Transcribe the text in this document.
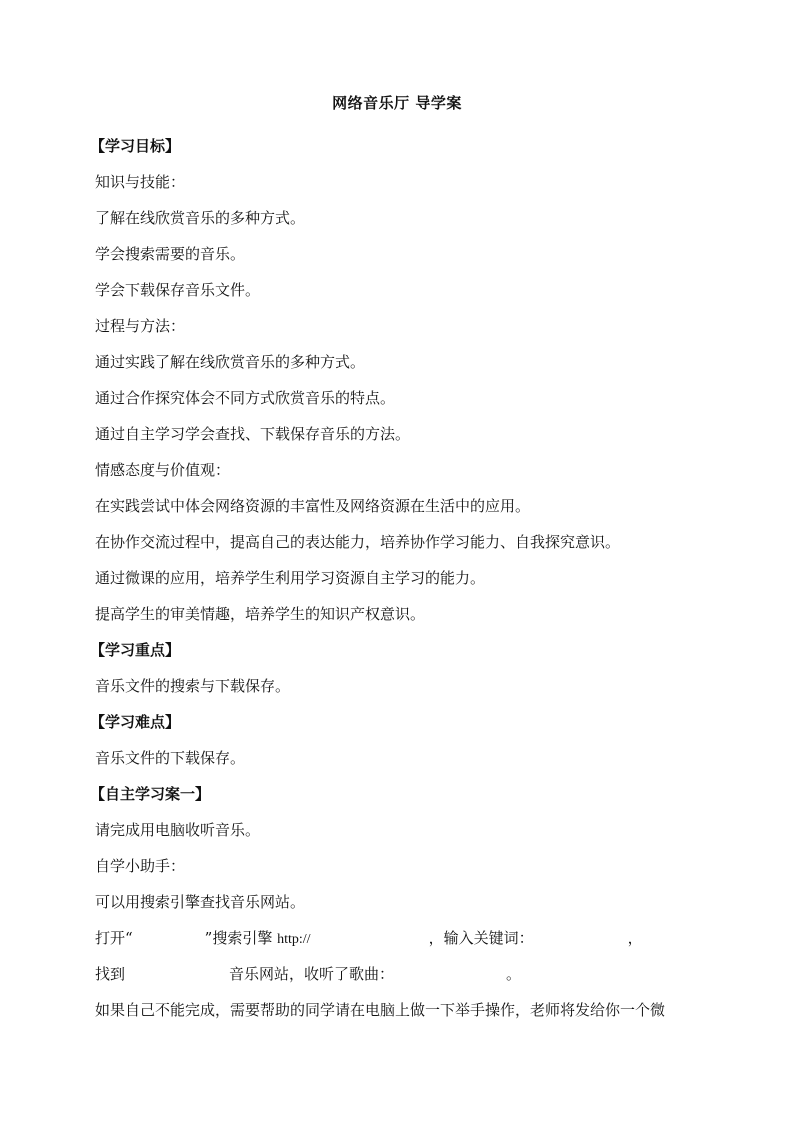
网络音乐厅 导学案
【学习目标】
知识与技能：
了解在线欣赏音乐的多种方式。
学会搜索需要的音乐。
学会下载保存音乐文件。
过程与方法：
通过实践了解在线欣赏音乐的多种方式。
通过合作探究体会不同方式欣赏音乐的特点。
通过自主学习学会查找、下载保存音乐的方法。
情感态度与价值观：
在实践尝试中体会网络资源的丰富性及网络资源在生活中的应用。
在协作交流过程中，提高自己的表达能力，培养协作学习能力、自我探究意识。
通过微课的应用，培养学生利用学习资源自主学习的能力。
提高学生的审美情趣，培养学生的知识产权意识。
【学习重点】
音乐文件的搜索与下载保存。
【学习难点】
音乐文件的下载保存。
【自主学习案一】
请完成用电脑收听音乐。
自学小助手：
可以用搜索引擎查找音乐网站。
打开“	”搜索引擎 http://	，输入关键词：	，
找到	音乐网站，收听了歌曲：	。
如果自己不能完成，需要帮助的同学请在电脑上做一下举手操作，老师将发给你一个微
